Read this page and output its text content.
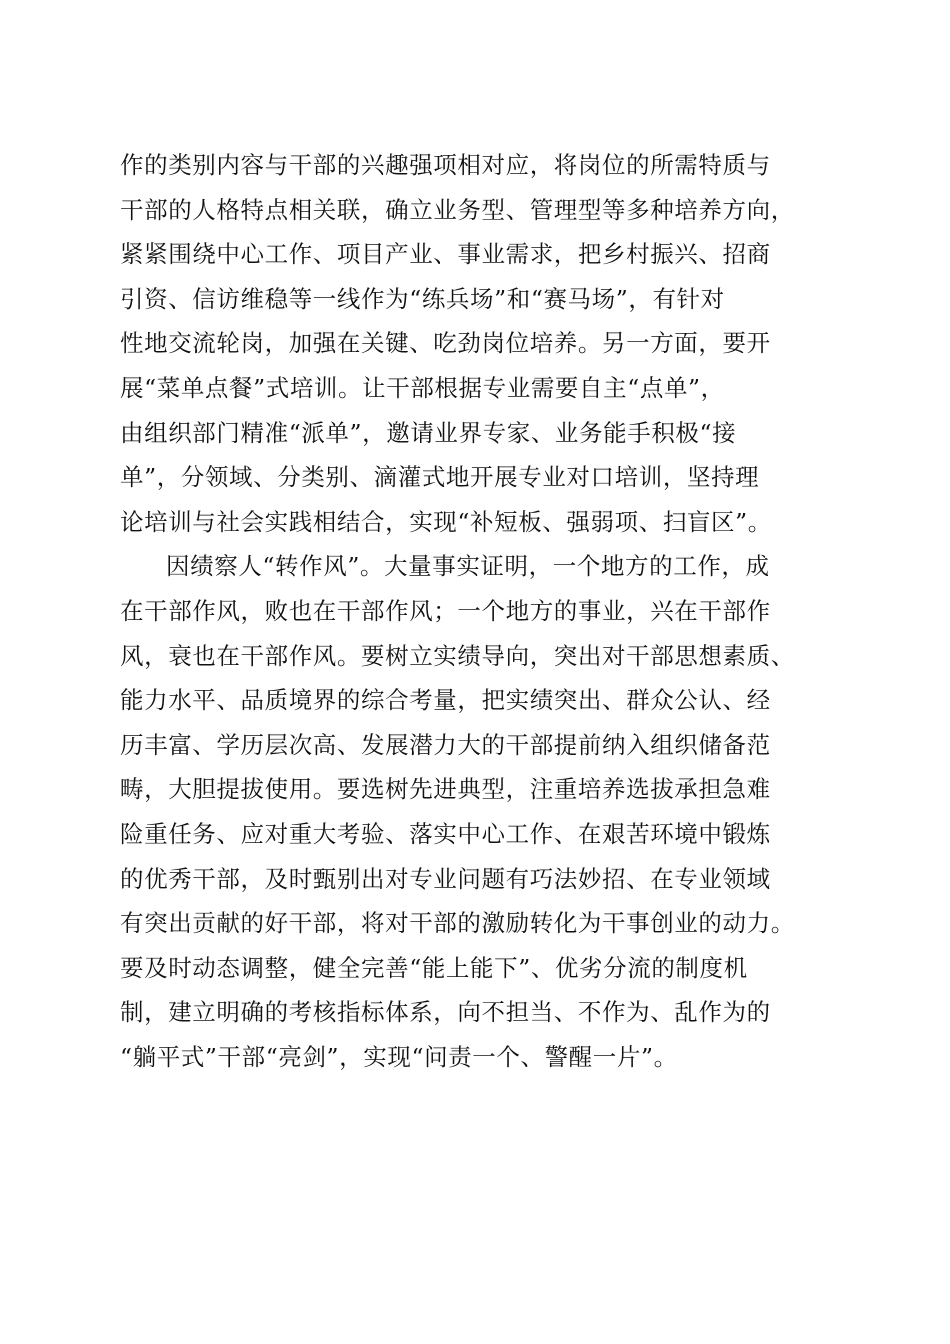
作的类别内容与干部的兴趣强项相对应，将岗位的所需特质与
干部的人格特点相关联，确立业务型、管理型等多种培养方向，
紧紧围绕中心工作、项目产业、事业需求，把乡村振兴、招商
引资、信访维稳等一线作为“练兵场”和“赛马场”，有针对
性地交流轮岗，加强在关键、吃劲岗位培养。另一方面，要开
展“菜单点餐”式培训。让干部根据专业需要自主“点单”，
由组织部门精准“派单”，邀请业界专家、业务能手积极“接
单”，分领域、分类别、滴灌式地开展专业对口培训，坚持理
论培训与社会实践相结合，实现“补短板、强弱项、扫盲区”。
因绩察人“转作风”。大量事实证明，一个地方的工作，成
在干部作风，败也在干部作风；一个地方的事业，兴在干部作
风，衰也在干部作风。要树立实绩导向，突出对干部思想素质、
能力水平、品质境界的综合考量，把实绩突出、群众公认、经
历丰富、学历层次高、发展潜力大的干部提前纳入组织储备范
畴，大胆提拔使用。要选树先进典型，注重培养选拔承担急难
险重任务、应对重大考验、落实中心工作、在艰苦环境中锻炼
的优秀干部，及时甄别出对专业问题有巧法妙招、在专业领域
有突出贡献的好干部，将对干部的激励转化为干事创业的动力。
要及时动态调整，健全完善“能上能下”、优劣分流的制度机
制，建立明确的考核指标体系，向不担当、不作为、乱作为的
“躺平式”干部“亮剑”，实现“问责一个、警醒一片”。
